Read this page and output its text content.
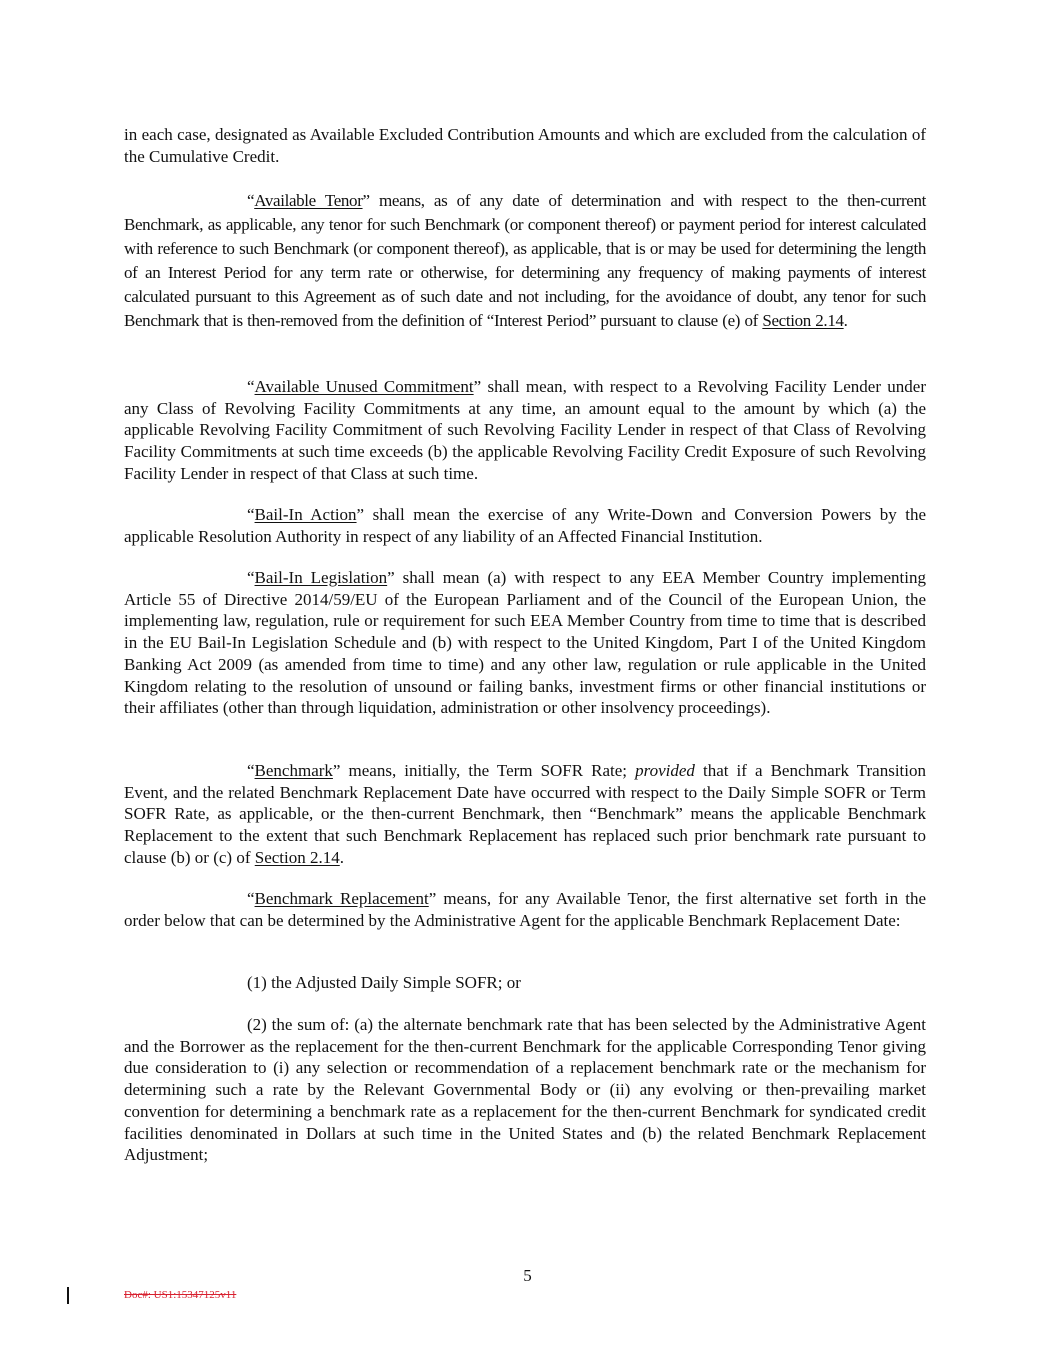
in each case, designated as Available Excluded Contribution Amounts and which are excluded from the calculation of the Cumulative Credit.

“Available Tenor” means, as of any date of determination and with respect to the then-current Benchmark, as applicable, any tenor for such Benchmark (or component thereof) or payment period for interest calculated with reference to such Benchmark (or component thereof), as applicable, that is or may be used for determining the length of an Interest Period for any term rate or otherwise, for determining any frequency of making payments of interest calculated pursuant to this Agreement as of such date and not including, for the avoidance of doubt, any tenor for such Benchmark that is then-removed from the definition of “Interest Period” pursuant to clause (e) of Section 2.14.

“Available Unused Commitment” shall mean, with respect to a Revolving Facility Lender under any Class of Revolving Facility Commitments at any time, an amount equal to the amount by which (a) the applicable Revolving Facility Commitment of such Revolving Facility Lender in respect of that Class of Revolving Facility Commitments at such time exceeds (b) the applicable Revolving Facility Credit Exposure of such Revolving Facility Lender in respect of that Class at such time.

“Bail-In Action” shall mean the exercise of any Write-Down and Conversion Powers by the applicable Resolution Authority in respect of any liability of an Affected Financial Institution.

“Bail-In Legislation” shall mean (a) with respect to any EEA Member Country implementing Article 55 of Directive 2014/59/EU of the European Parliament and of the Council of the European Union, the implementing law, regulation, rule or requirement for such EEA Member Country from time to time that is described in the EU Bail-In Legislation Schedule and (b) with respect to the United Kingdom, Part I of the United Kingdom Banking Act 2009 (as amended from time to time) and any other law, regulation or rule applicable in the United Kingdom relating to the resolution of unsound or failing banks, investment firms or other financial institutions or their affiliates (other than through liquidation, administration or other insolvency proceedings).

“Benchmark” means, initially, the Term SOFR Rate; provided that if a Benchmark Transition Event, and the related Benchmark Replacement Date have occurred with respect to the Daily Simple SOFR or Term SOFR Rate, as applicable, or the then-current Benchmark, then “Benchmark” means the applicable Benchmark Replacement to the extent that such Benchmark Replacement has replaced such prior benchmark rate pursuant to clause (b) or (c) of Section 2.14.

“Benchmark Replacement” means, for any Available Tenor, the first alternative set forth in the order below that can be determined by the Administrative Agent for the applicable Benchmark Replacement Date:

(1) the Adjusted Daily Simple SOFR; or

(2) the sum of: (a) the alternate benchmark rate that has been selected by the Administrative Agent and the Borrower as the replacement for the then-current Benchmark for the applicable Corresponding Tenor giving due consideration to (i) any selection or recommendation of a replacement benchmark rate or the mechanism for determining such a rate by the Relevant Governmental Body or (ii) any evolving or then-prevailing market convention for determining a benchmark rate as a replacement for the then-current Benchmark for syndicated credit facilities denominated in Dollars at such time in the United States and (b) the related Benchmark Replacement Adjustment;

5
Doc#: US1:15347125v11
